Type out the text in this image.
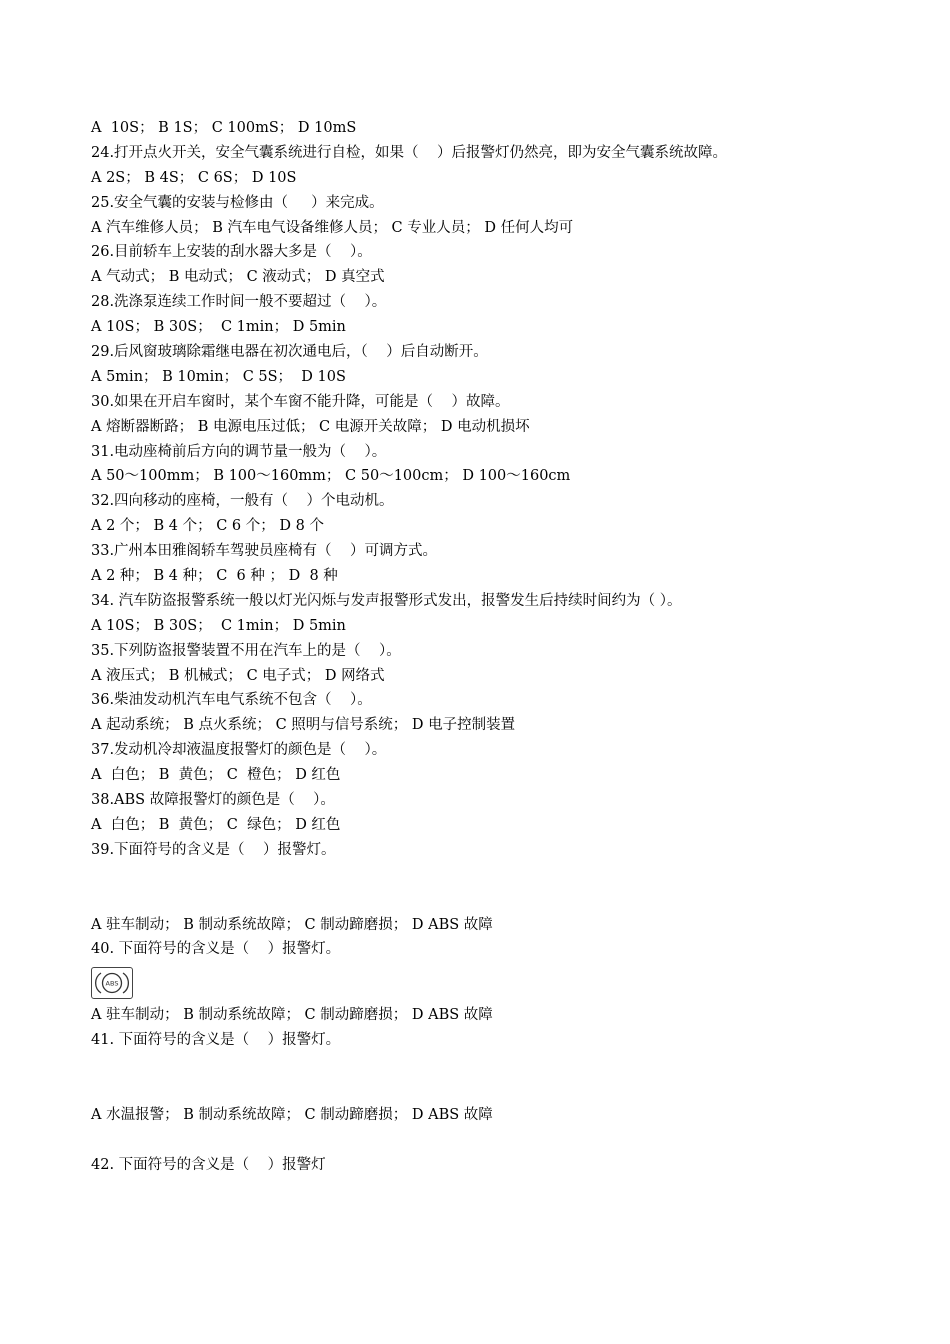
A  10S； B 1S； C 100mS； D 10mS
24.打开点火开关，安全气囊系统进行自检，如果（    ）后报警灯仍然亮，即为安全气囊系统故障。
A 2S； B 4S； C 6S； D 10S
25.安全气囊的安装与检修由（     ）来完成。
A 汽车维修人员； B 汽车电气设备维修人员； C 专业人员； D 任何人均可
26.目前轿车上安装的刮水器大多是（    ）。
A 气动式； B 电动式； C 液动式； D 真空式
28.洗涤泵连续工作时间一般不要超过（    ）。
A 10S； B 30S；  C 1min； D 5min
29.后风窗玻璃除霜继电器在初次通电后，（    ）后自动断开。
A 5min； B 10min； C 5S；  D 10S
30.如果在开启车窗时，某个车窗不能升降，可能是（    ）故障。
A 熔断器断路； B 电源电压过低； C 电源开关故障； D 电动机损坏
31.电动座椅前后方向的调节量一般为（    ）。
A 50～100mm； B 100～160mm； C 50～100cm； D 100～160cm
32.四向移动的座椅，一般有（    ）个电动机。
A 2 个； B 4 个； C 6 个； D 8 个
33.广州本田雅阁轿车驾驶员座椅有（    ）可调方式。
A 2 种； B 4 种； C  6 种 ； D  8 种
34. 汽车防盗报警系统一般以灯光闪烁与发声报警形式发出，报警发生后持续时间约为（ ）。
A 10S； B 30S；  C 1min； D 5min
35.下列防盗报警装置不用在汽车上的是（    ）。
A 液压式； B 机械式； C 电子式； D 网络式
36.柴油发动机汽车电气系统不包含（    ）。
A 起动系统； B 点火系统； C 照明与信号系统； D 电子控制装置
37.发动机冷却液温度报警灯的颜色是（    ）。
A  白色； B  黄色； C  橙色； D 红色
38.ABS 故障报警灯的颜色是（    ）。
A  白色； B  黄色； C  绿色； D 红色
39.下面符号的含义是（    ）报警灯。
A 驻车制动； B 制动系统故障； C 制动蹄磨损； D ABS 故障
40. 下面符号的含义是（    ）报警灯。
ABS
A 驻车制动； B 制动系统故障； C 制动蹄磨损； D ABS 故障
41. 下面符号的含义是（    ）报警灯。
A 水温报警； B 制动系统故障； C 制动蹄磨损； D ABS 故障
42. 下面符号的含义是（    ）报警灯
